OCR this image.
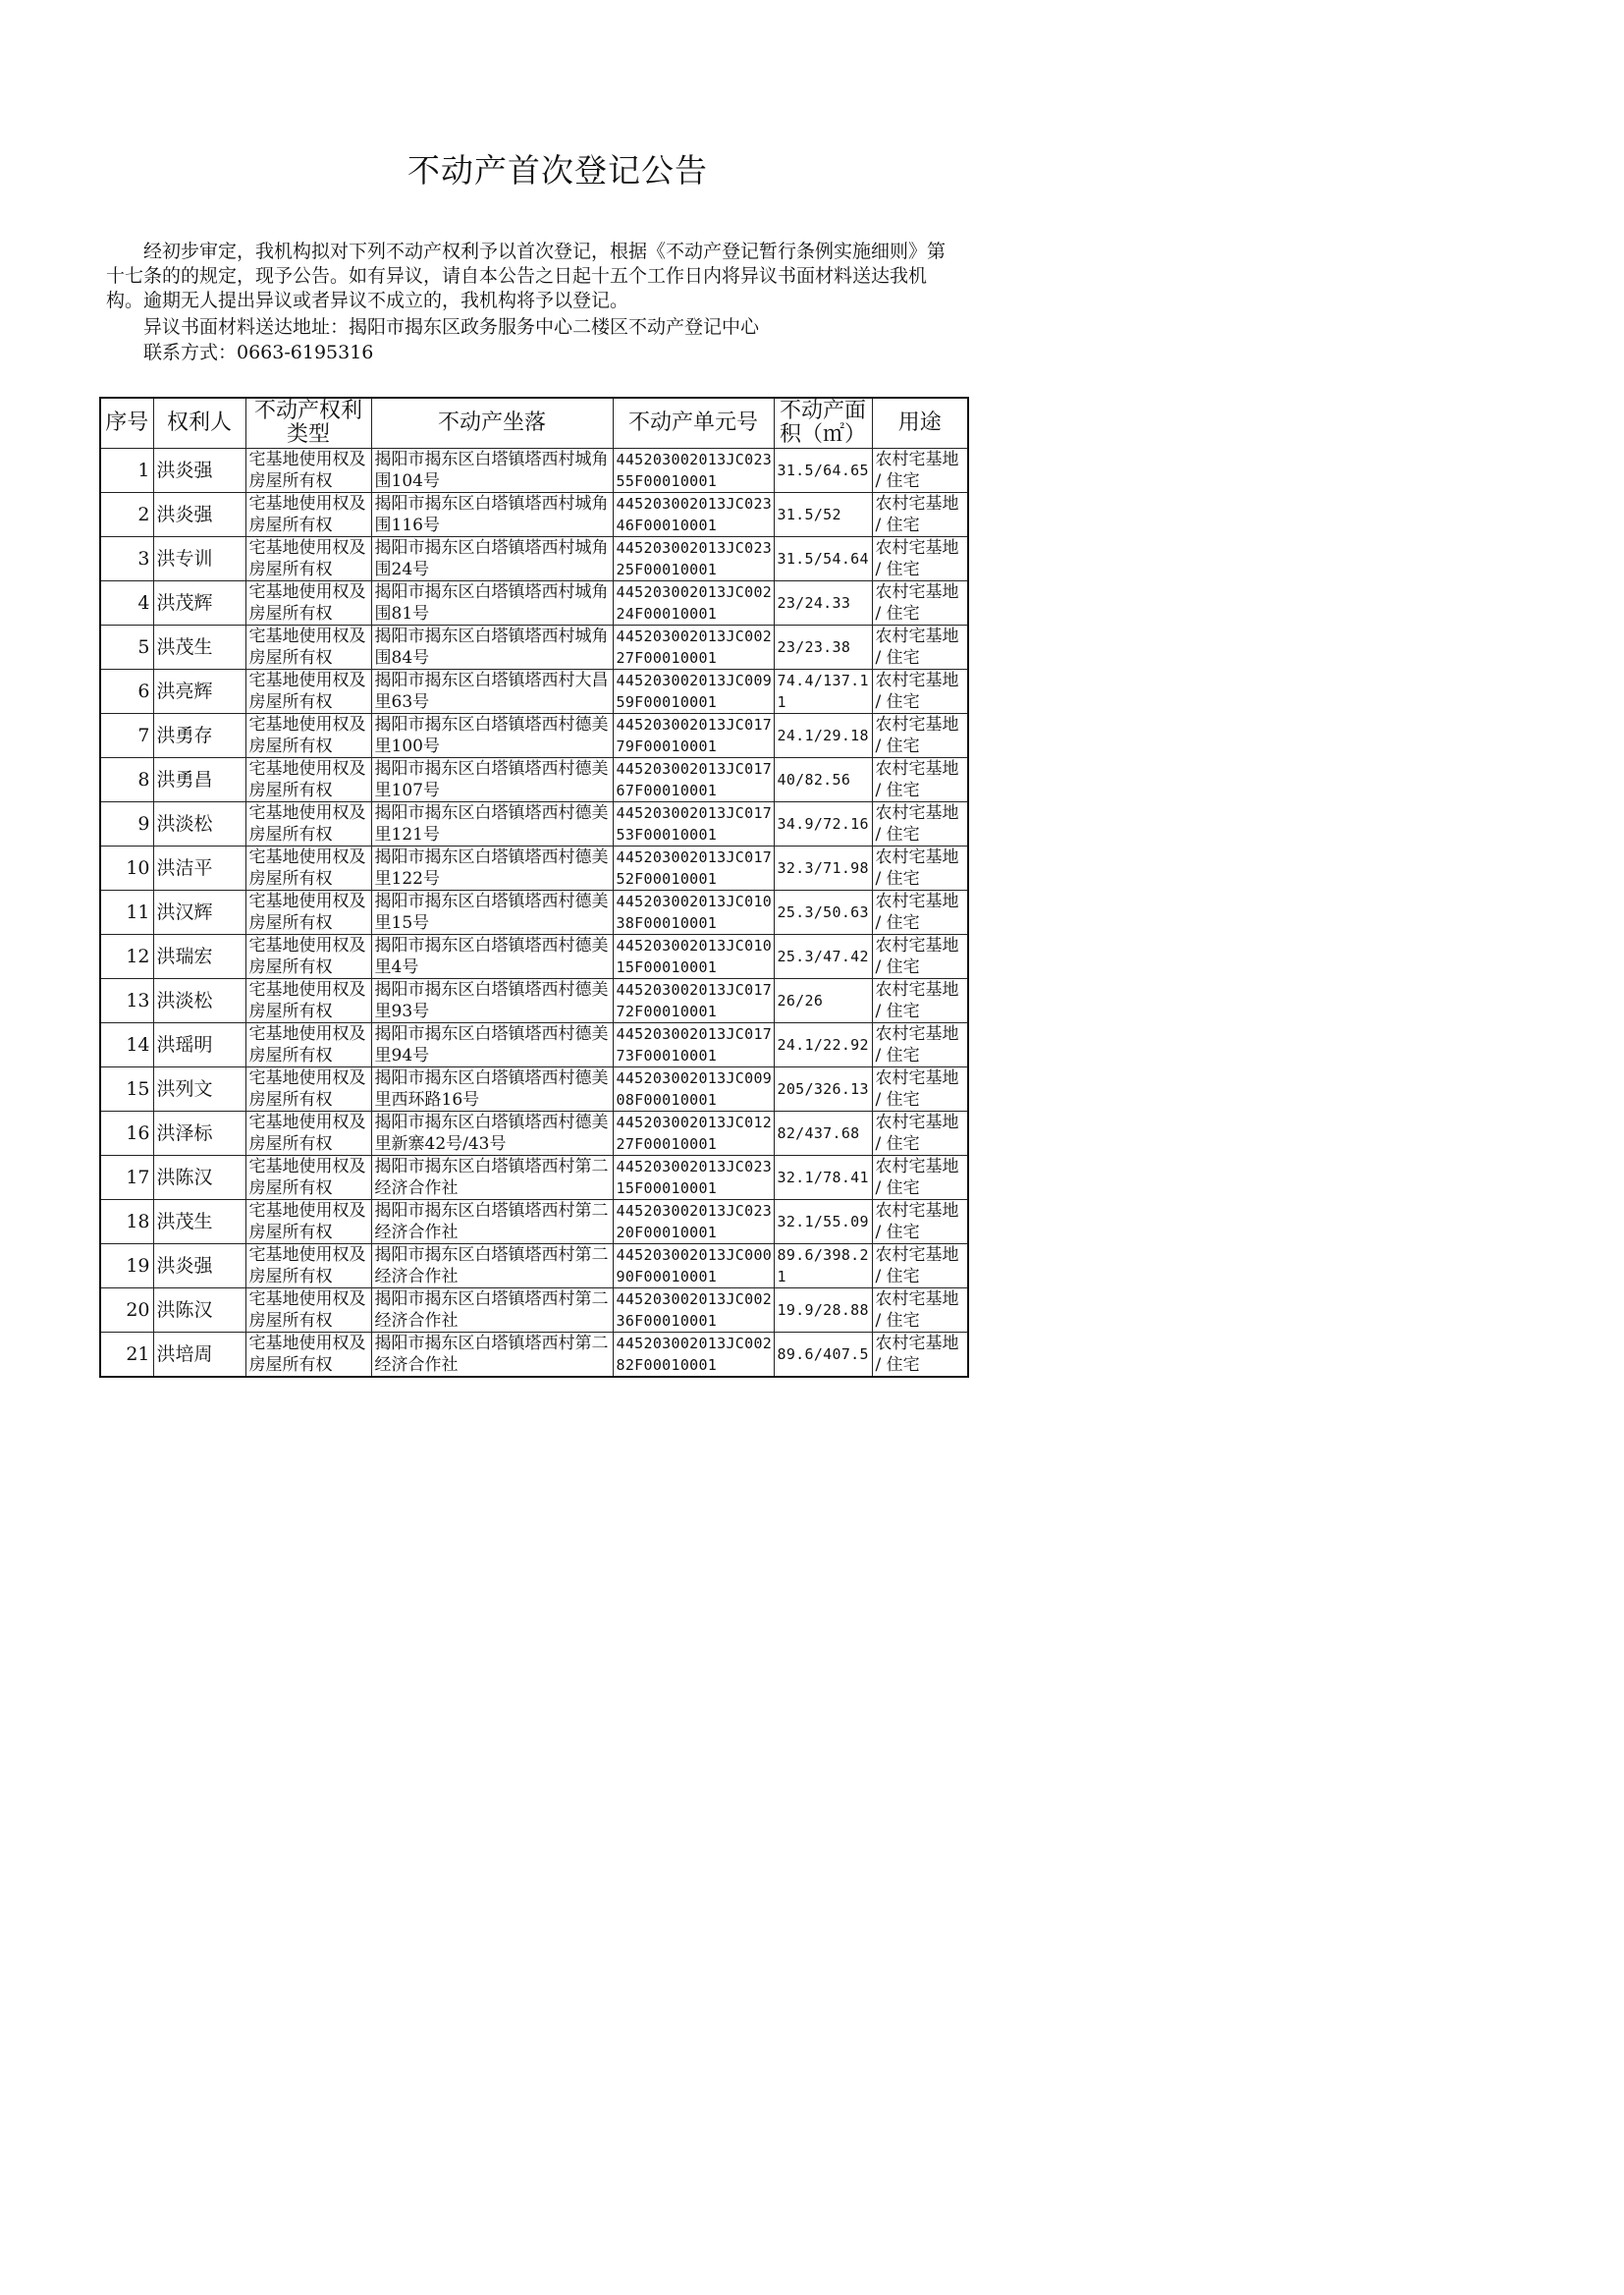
不动产首次登记公告
经初步审定，我机构拟对下列不动产权利予以首次登记，根据《不动产登记暂行条例实施细则》第十七条的的规定，现予公告。如有异议，请自本公告之日起十五个工作日内将异议书面材料送达我机构。逾期无人提出异议或者异议不成立的，我机构将予以登记。
异议书面材料送达地址：揭阳市揭东区政务服务中心二楼区不动产登记中心
联系方式：0663-6195316
序号	权利人	不动产权利类型	不动产坐落	不动产单元号	不动产面积（㎡）	用途
1	洪炎强	宅基地使用权及房屋所有权	揭阳市揭东区白塔镇塔西村城角围104号	445203002013JC02355F00010001	31.5/64.65	农村宅基地 / 住宅
2	洪炎强	宅基地使用权及房屋所有权	揭阳市揭东区白塔镇塔西村城角围116号	445203002013JC02346F00010001	31.5/52	农村宅基地 / 住宅
3	洪专训	宅基地使用权及房屋所有权	揭阳市揭东区白塔镇塔西村城角围24号	445203002013JC02325F00010001	31.5/54.64	农村宅基地 / 住宅
4	洪茂辉	宅基地使用权及房屋所有权	揭阳市揭东区白塔镇塔西村城角围81号	445203002013JC00224F00010001	23/24.33	农村宅基地 / 住宅
5	洪茂生	宅基地使用权及房屋所有权	揭阳市揭东区白塔镇塔西村城角围84号	445203002013JC00227F00010001	23/23.38	农村宅基地 / 住宅
6	洪亮辉	宅基地使用权及房屋所有权	揭阳市揭东区白塔镇塔西村大昌里63号	445203002013JC00959F00010001	74.4/137.11	农村宅基地 / 住宅
7	洪勇存	宅基地使用权及房屋所有权	揭阳市揭东区白塔镇塔西村德美里100号	445203002013JC01779F00010001	24.1/29.18	农村宅基地 / 住宅
8	洪勇昌	宅基地使用权及房屋所有权	揭阳市揭东区白塔镇塔西村德美里107号	445203002013JC01767F00010001	40/82.56	农村宅基地 / 住宅
9	洪淡松	宅基地使用权及房屋所有权	揭阳市揭东区白塔镇塔西村德美里121号	445203002013JC01753F00010001	34.9/72.16	农村宅基地 / 住宅
10	洪洁平	宅基地使用权及房屋所有权	揭阳市揭东区白塔镇塔西村德美里122号	445203002013JC01752F00010001	32.3/71.98	农村宅基地 / 住宅
11	洪汉辉	宅基地使用权及房屋所有权	揭阳市揭东区白塔镇塔西村德美里15号	445203002013JC01038F00010001	25.3/50.63	农村宅基地 / 住宅
12	洪瑞宏	宅基地使用权及房屋所有权	揭阳市揭东区白塔镇塔西村德美里4号	445203002013JC01015F00010001	25.3/47.42	农村宅基地 / 住宅
13	洪淡松	宅基地使用权及房屋所有权	揭阳市揭东区白塔镇塔西村德美里93号	445203002013JC01772F00010001	26/26	农村宅基地 / 住宅
14	洪瑶明	宅基地使用权及房屋所有权	揭阳市揭东区白塔镇塔西村德美里94号	445203002013JC01773F00010001	24.1/22.92	农村宅基地 / 住宅
15	洪列文	宅基地使用权及房屋所有权	揭阳市揭东区白塔镇塔西村德美里西环路16号	445203002013JC00908F00010001	205/326.13	农村宅基地 / 住宅
16	洪泽标	宅基地使用权及房屋所有权	揭阳市揭东区白塔镇塔西村德美里新寨42号/43号	445203002013JC01227F00010001	82/437.68	农村宅基地 / 住宅
17	洪陈汉	宅基地使用权及房屋所有权	揭阳市揭东区白塔镇塔西村第二经济合作社	445203002013JC02315F00010001	32.1/78.41	农村宅基地 / 住宅
18	洪茂生	宅基地使用权及房屋所有权	揭阳市揭东区白塔镇塔西村第二经济合作社	445203002013JC02320F00010001	32.1/55.09	农村宅基地 / 住宅
19	洪炎强	宅基地使用权及房屋所有权	揭阳市揭东区白塔镇塔西村第二经济合作社	445203002013JC00090F00010001	89.6/398.21	农村宅基地 / 住宅
20	洪陈汉	宅基地使用权及房屋所有权	揭阳市揭东区白塔镇塔西村第二经济合作社	445203002013JC00236F00010001	19.9/28.88	农村宅基地 / 住宅
21	洪培周	宅基地使用权及房屋所有权	揭阳市揭东区白塔镇塔西村第二经济合作社	445203002013JC00282F00010001	89.6/407.5	农村宅基地 / 住宅
